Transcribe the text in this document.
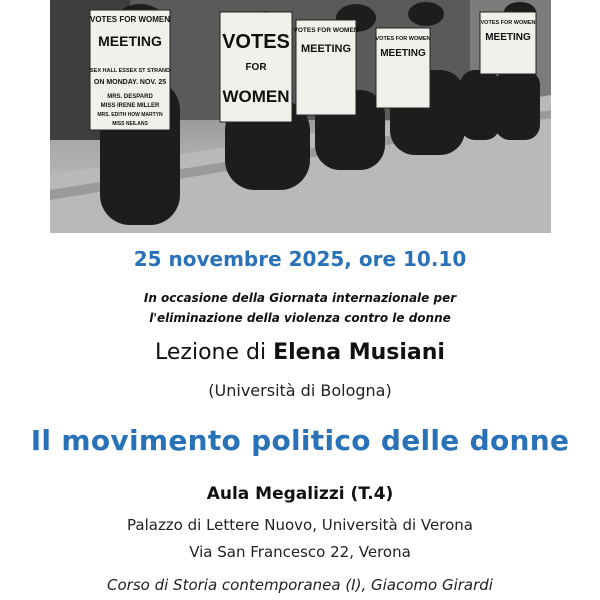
VOTES FOR WOMEN
MEETING
SEX HALL ESSEX ST STRAND
ON MONDAY. NOV. 25
MRS. DESPARD
MISS IRENE MILLER
MRS. EDITH HOW MARTYN
MISS NEILANS
VOTES
FOR
WOMEN
VOTES FOR WOMEN
MEETING
VOTES FOR WOMEN
MEETING
VOTES FOR WOMEN
MEETING
25 novembre 2025, ore 10.10
In occasione della Giornata internazionale per
l'eliminazione della violenza contro le donne
Lezione di Elena Musiani
(Università di Bologna)
Il movimento politico delle donne
Aula Megalizzi (T.4)
Palazzo di Lettere Nuovo, Università di Verona
Via San Francesco 22, Verona
Corso di Storia contemporanea (I), Giacomo Girardi
